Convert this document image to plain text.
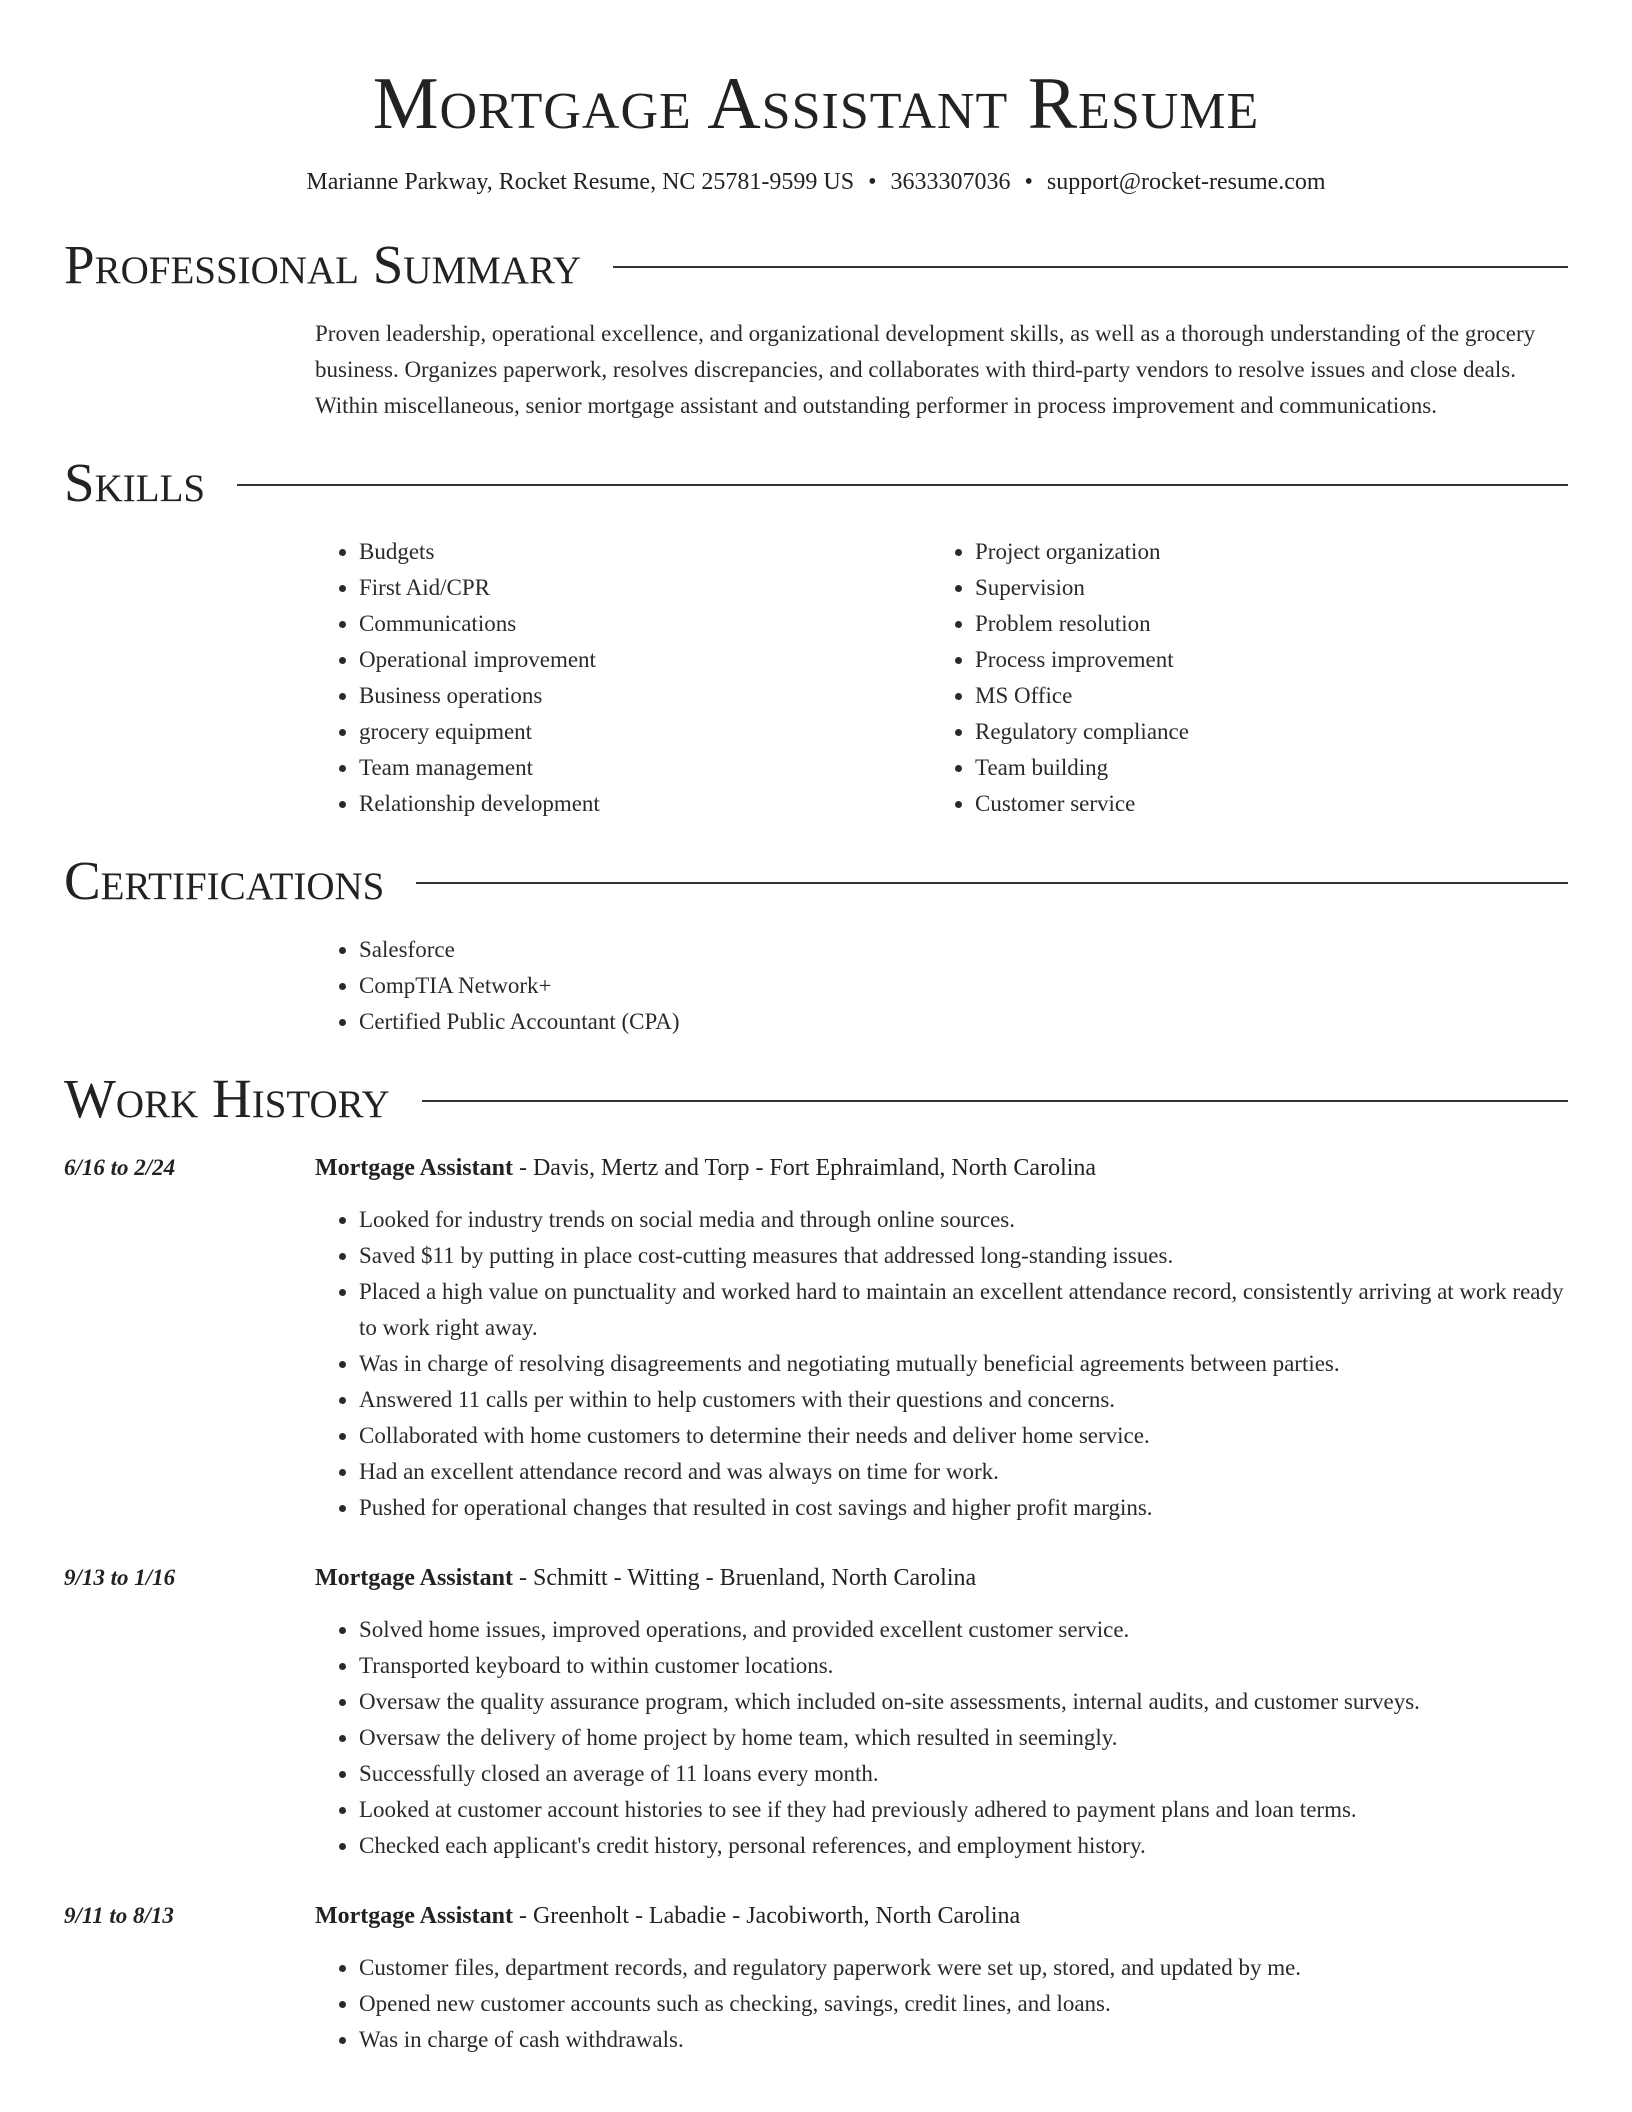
Mortgage Assistant Resume
Marianne Parkway, Rocket Resume, NC 25781-9599 US • 3633307036 • support@rocket-resume.com
Professional Summary
Proven leadership, operational excellence, and organizational development skills, as well as a thorough understanding of the grocery business. Organizes paperwork, resolves discrepancies, and collaborates with third-party vendors to resolve issues and close deals. Within miscellaneous, senior mortgage assistant and outstanding performer in process improvement and communications.
Skills
• Budgets
• First Aid/CPR
• Communications
• Operational improvement
• Business operations
• grocery equipment
• Team management
• Relationship development
• Project organization
• Supervision
• Problem resolution
• Process improvement
• MS Office
• Regulatory compliance
• Team building
• Customer service
Certifications
• Salesforce
• CompTIA Network+
• Certified Public Accountant (CPA)
Work History
6/16 to 2/24	Mortgage Assistant - Davis, Mertz and Torp - Fort Ephraimland, North Carolina
• Looked for industry trends on social media and through online sources.
• Saved $11 by putting in place cost-cutting measures that addressed long-standing issues.
• Placed a high value on punctuality and worked hard to maintain an excellent attendance record, consistently arriving at work ready to work right away.
• Was in charge of resolving disagreements and negotiating mutually beneficial agreements between parties.
• Answered 11 calls per within to help customers with their questions and concerns.
• Collaborated with home customers to determine their needs and deliver home service.
• Had an excellent attendance record and was always on time for work.
• Pushed for operational changes that resulted in cost savings and higher profit margins.
9/13 to 1/16	Mortgage Assistant - Schmitt - Witting - Bruenland, North Carolina
• Solved home issues, improved operations, and provided excellent customer service.
• Transported keyboard to within customer locations.
• Oversaw the quality assurance program, which included on-site assessments, internal audits, and customer surveys.
• Oversaw the delivery of home project by home team, which resulted in seemingly.
• Successfully closed an average of 11 loans every month.
• Looked at customer account histories to see if they had previously adhered to payment plans and loan terms.
• Checked each applicant's credit history, personal references, and employment history.
9/11 to 8/13	Mortgage Assistant - Greenholt - Labadie - Jacobiworth, North Carolina
• Customer files, department records, and regulatory paperwork were set up, stored, and updated by me.
• Opened new customer accounts such as checking, savings, credit lines, and loans.
• Was in charge of cash withdrawals.
